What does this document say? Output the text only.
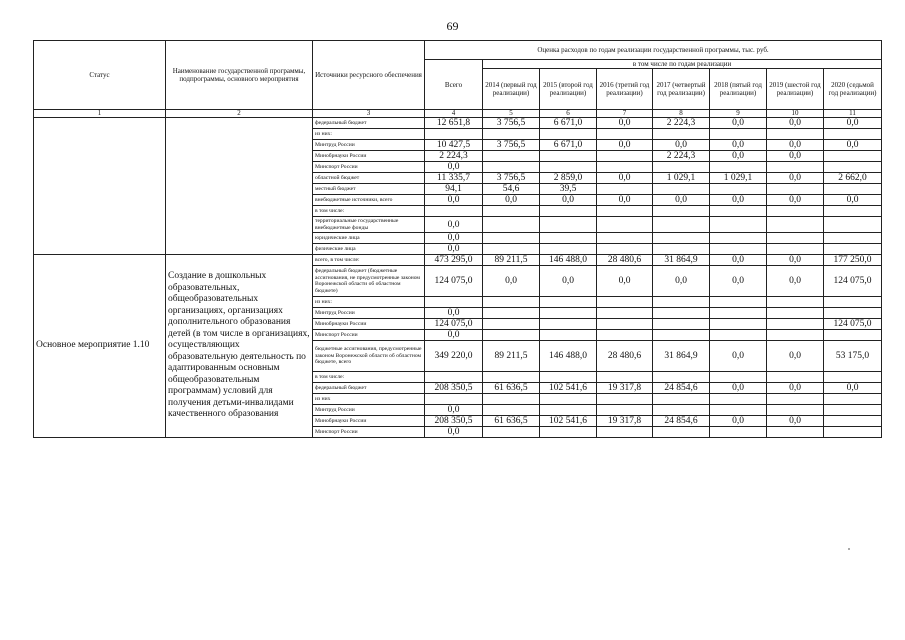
69
Статус	Наименование государственной программы, подпрограммы, основного мероприятия	Источники ресурсного обеспечения	Оценка расходов по годам реализации государственной программы, тыс. руб.							
			Всего	в том числе по годам реализации						
				2014 (первый год реализации)	2015 (второй год реализации)	2016 (третий год реализации)	2017 (четвертый год реализации)	2018 (пятый год реализации)	2019 (шестой год реализации)	2020 (седьмой год реализации)
1	2	3	4	5	6	7	8	9	10	11
		федеральный бюджет	12 651,8	3 756,5	6 671,0	0,0	2 224,3	0,0	0,0	0,0
		из них:								
		Минтруд России	10 427,5	3 756,5	6 671,0	0,0	0,0	0,0	0,0	0,0
		Минобрнауки России	2 224,3				2 224,3	0,0	0,0	
		Минспорт России	0,0							
		областной бюджет	11 335,7	3 756,5	2 859,0	0,0	1 029,1	1 029,1	0,0	2 662,0
		местный бюджет	94,1	54,6	39,5					
		внебюджетные источники, всего	0,0	0,0	0,0	0,0	0,0	0,0	0,0	0,0
		в том числе:								
		территориальные государственные внебюджетные фонды	0,0							
		юридические лица	0,0							
		физические лица	0,0							
Основное мероприятие 1.10	Создание в дошкольных образовательных, общеобразовательных организациях, организациях дополнительного образования детей (в том числе в организациях, осуществляющих образовательную деятельность по адаптированным основным общеобразовательным программам) условий для получения детьми-инвалидами качественного образования	всего, в том числе:	473 295,0	89 211,5	146 488,0	28 480,6	31 864,9	0,0	0,0	177 250,0
		федеральный бюджет (бюджетные ассигнования, не предусмотренные законом Воронежской области об областном бюджете)	124 075,0	0,0	0,0	0,0	0,0	0,0	0,0	124 075,0
		из них:								
		Минтруд России	0,0							
		Минобрнауки России	124 075,0							124 075,0
		Минспорт России	0,0							
		бюджетные ассигнования, предусмотренные законом Воронежской области об областном бюджете, всего	349 220,0	89 211,5	146 488,0	28 480,6	31 864,9	0,0	0,0	53 175,0
		в том числе:								
		федеральный бюджет	208 350,5	61 636,5	102 541,6	19 317,8	24 854,6	0,0	0,0	0,0
		из них								
		Минтруд России	0,0							
		Минобрнауки России	208 350,5	61 636,5	102 541,6	19 317,8	24 854,6	0,0	0,0	
		Минспорт России	0,0							
